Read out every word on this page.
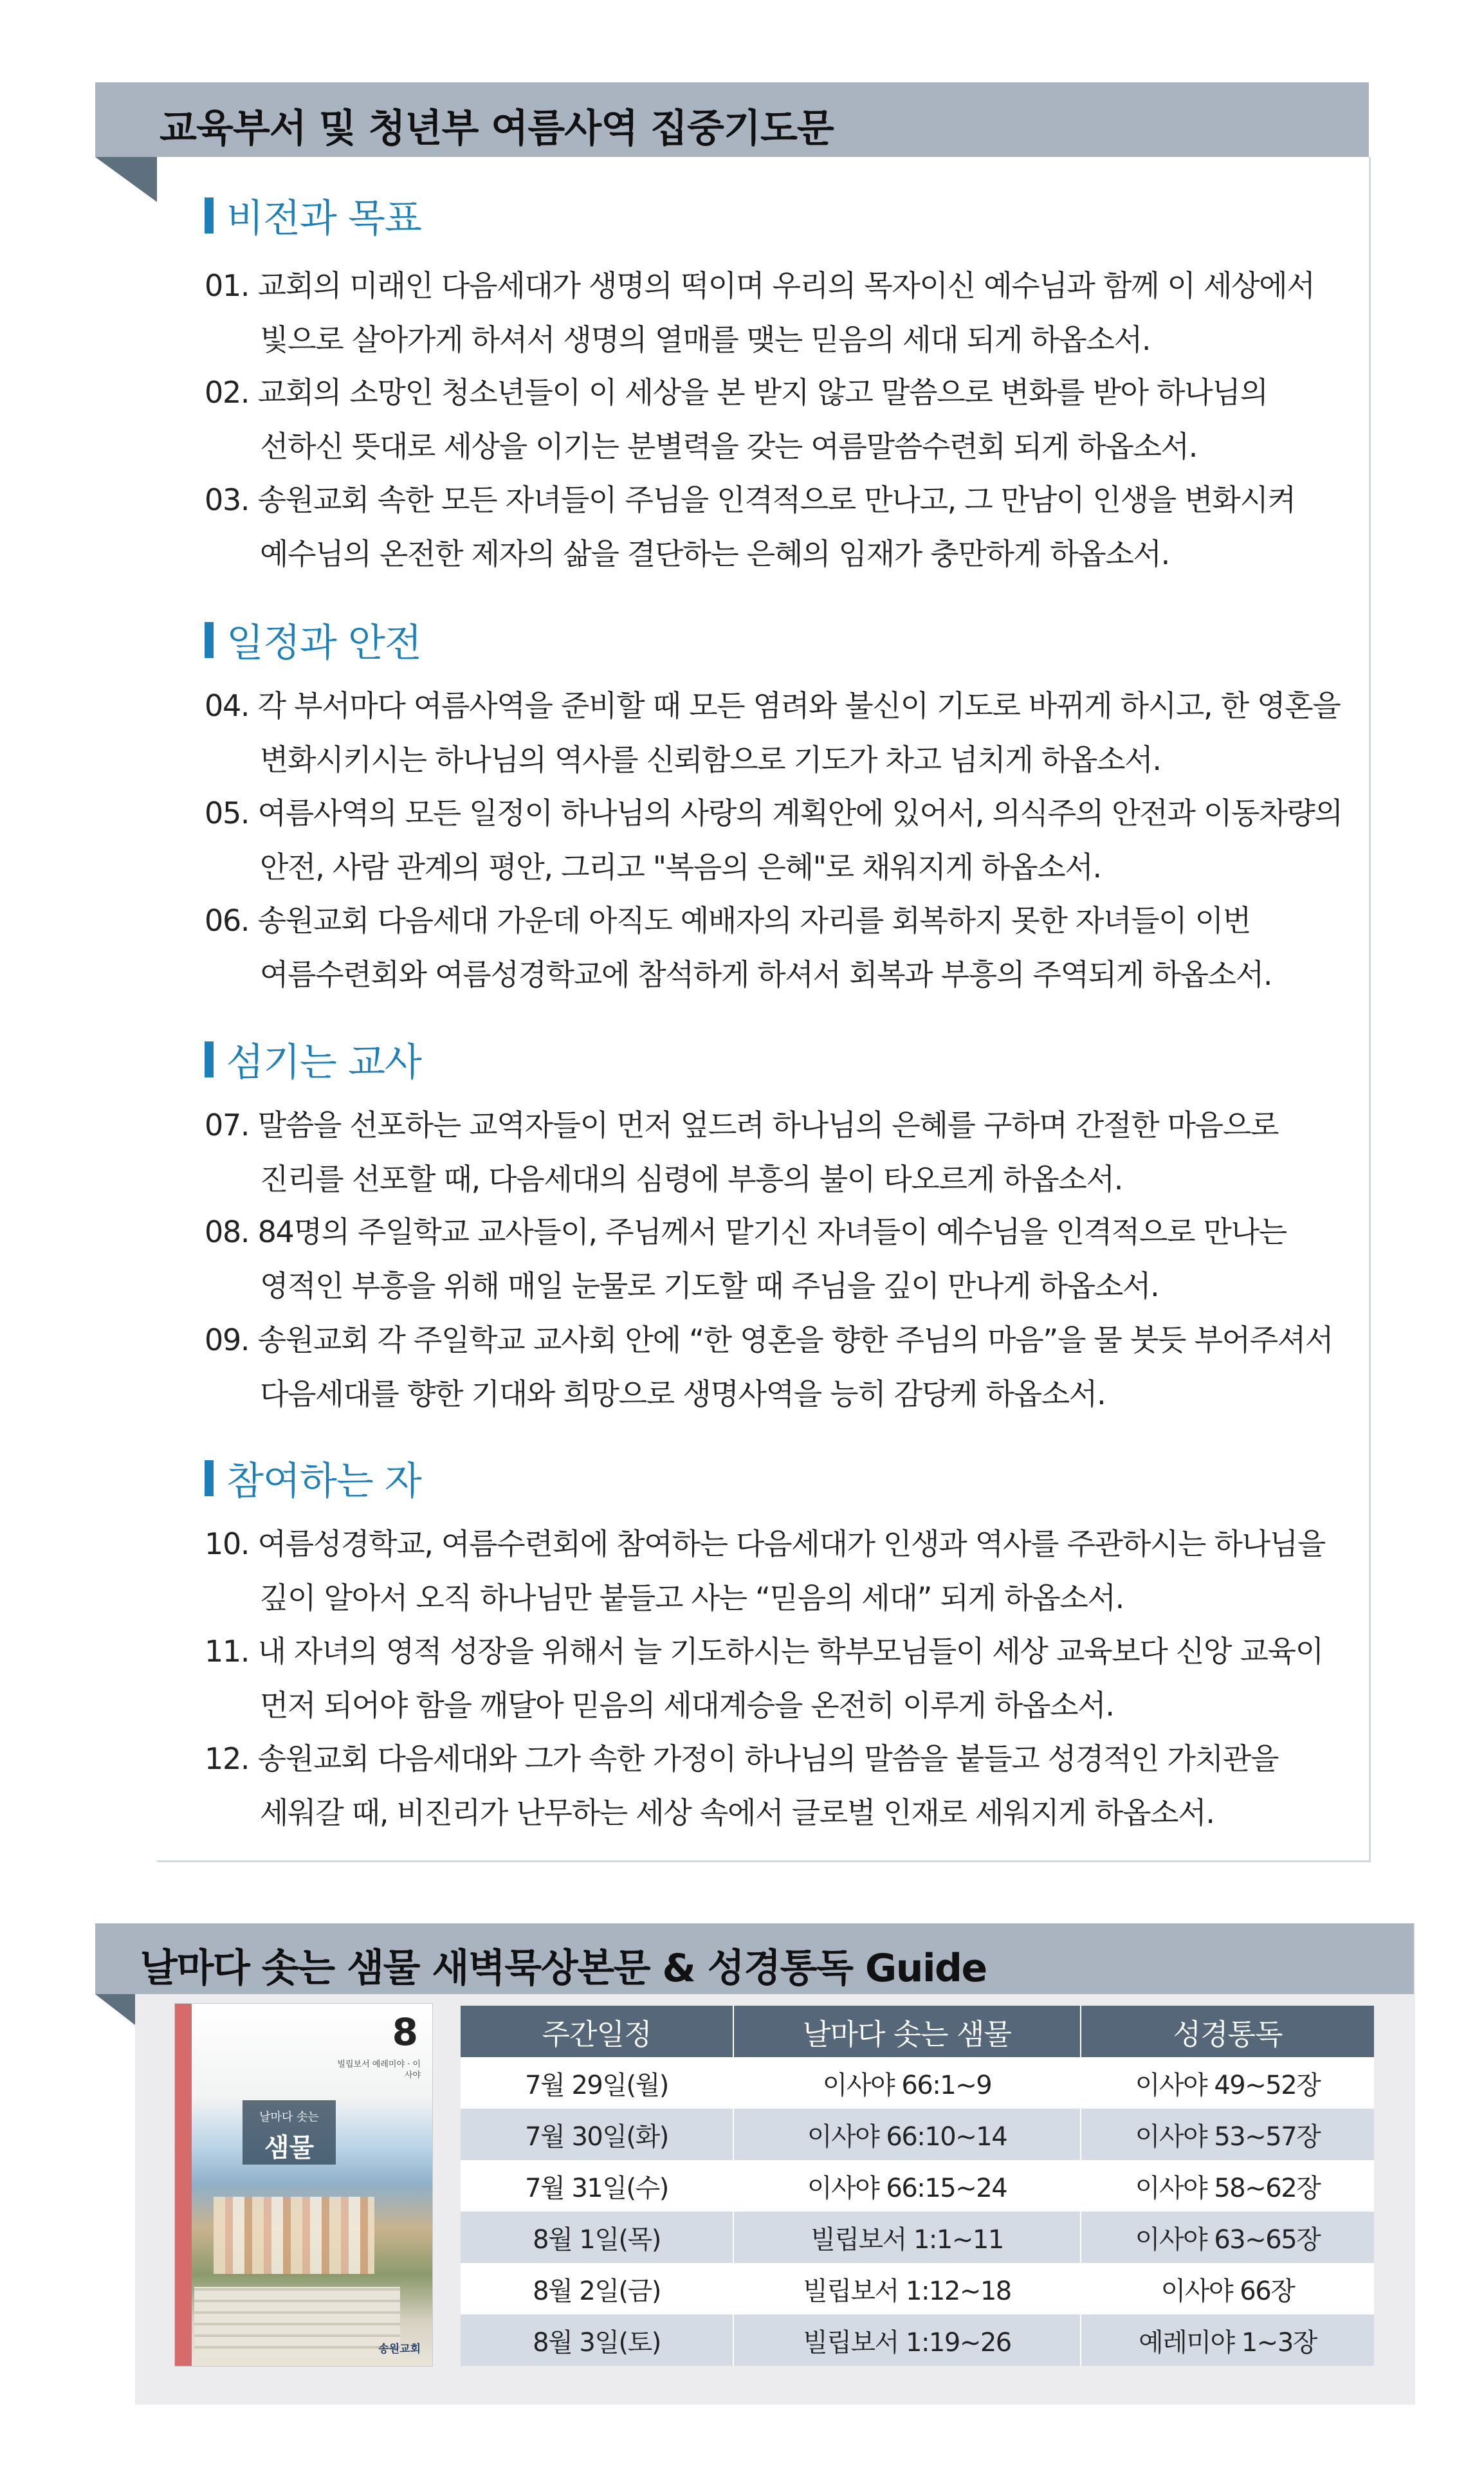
교육부서 및 청년부 여름사역 집중기도문
비전과 목표
01. 교회의 미래인 다음세대가 생명의 떡이며 우리의 목자이신 예수님과 함께 이 세상에서
빛으로 살아가게 하셔서 생명의 열매를 맺는 믿음의 세대 되게 하옵소서.
02. 교회의 소망인 청소년들이 이 세상을 본 받지 않고 말씀으로 변화를 받아 하나님의
선하신 뜻대로 세상을 이기는 분별력을 갖는 여름말씀수련회 되게 하옵소서.
03. 송원교회 속한 모든 자녀들이 주님을 인격적으로 만나고, 그 만남이 인생을 변화시켜
예수님의 온전한 제자의 삶을 결단하는 은혜의 임재가 충만하게 하옵소서.
일정과 안전
04. 각 부서마다 여름사역을 준비할 때 모든 염려와 불신이 기도로 바뀌게 하시고, 한 영혼을
변화시키시는 하나님의 역사를 신뢰함으로 기도가 차고 넘치게 하옵소서.
05. 여름사역의 모든 일정이 하나님의 사랑의 계획안에 있어서, 의식주의 안전과 이동차량의
안전, 사람 관계의 평안, 그리고 "복음의 은혜"로 채워지게 하옵소서.
06. 송원교회 다음세대 가운데 아직도 예배자의 자리를 회복하지 못한 자녀들이 이번
여름수련회와 여름성경학교에 참석하게 하셔서 회복과 부흥의 주역되게 하옵소서.
섬기는 교사
07. 말씀을 선포하는 교역자들이 먼저 엎드려 하나님의 은혜를 구하며 간절한 마음으로
진리를 선포할 때, 다음세대의 심령에 부흥의 불이 타오르게 하옵소서.
08. 84명의 주일학교 교사들이, 주님께서 맡기신 자녀들이 예수님을 인격적으로 만나는
영적인 부흥을 위해 매일 눈물로 기도할 때 주님을 깊이 만나게 하옵소서.
09. 송원교회 각 주일학교 교사회 안에 “한 영혼을 향한 주님의 마음”을 물 붓듯 부어주셔서
다음세대를 향한 기대와 희망으로 생명사역을 능히 감당케 하옵소서.
참여하는 자
10. 여름성경학교, 여름수련회에 참여하는 다음세대가 인생과 역사를 주관하시는 하나님을
깊이 알아서 오직 하나님만 붙들고 사는 “믿음의 세대” 되게 하옵소서.
11. 내 자녀의 영적 성장을 위해서 늘 기도하시는 학부모님들이 세상 교육보다 신앙 교육이
먼저 되어야 함을 깨달아 믿음의 세대계승을 온전히 이루게 하옵소서.
12. 송원교회 다음세대와 그가 속한 가정이 하나님의 말씀을 붙들고 성경적인 가치관을
세워갈 때, 비진리가 난무하는 세상 속에서 글로벌 인재로 세워지게 하옵소서.
날마다 솟는 샘물 새벽묵상본문 & 성경통독 Guide
8
빌립보서 예레미야 · 이사야
날마다 솟는
샘물
송원교회
주간일정	날마다 솟는 샘물	성경통독
7월 29일(월)	이사야 66:1~9	이사야 49~52장
7월 30일(화)	이사야 66:10~14	이사야 53~57장
7월 31일(수)	이사야 66:15~24	이사야 58~62장
8월 1일(목)	빌립보서 1:1~11	이사야 63~65장
8월 2일(금)	빌립보서 1:12~18	이사야 66장
8월 3일(토)	빌립보서 1:19~26	예레미야 1~3장
